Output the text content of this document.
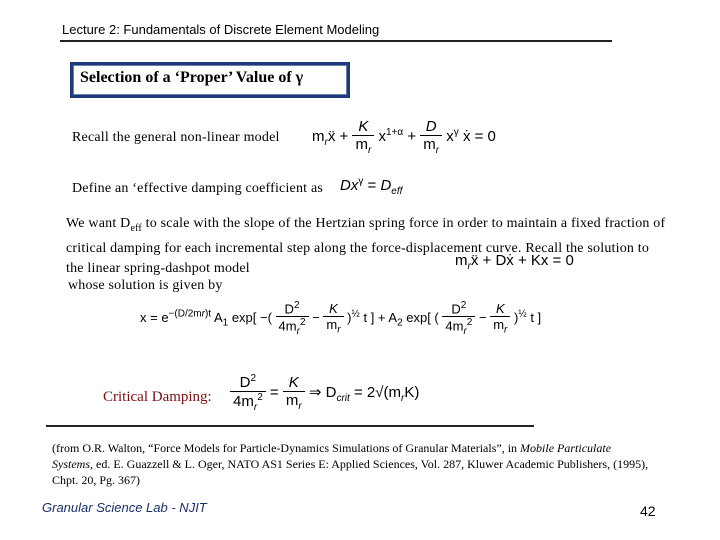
Lecture 2: Fundamentals of Discrete Element Modeling
Selection of a ‘Proper’ Value of γ
Recall the general non-linear model $m_rẍ + \frac{K}{m_r} x^{1+\alpha} + \frac{D}{m_r} x^\gamma$ ẋ = 0
Define an ‘effective damping coefficient as $Dx^\gamma = D_{eff}$
We want $D_{eff}$ to scale with the slope of the Hertzian spring force in order to maintain a fixed fraction of critical damping for each incremental step along the force-displacement curve. Recall the solution to the linear spring-dashpot model	$m_rẍ$ + Dẋ + Kx = 0
whose solution is given by
$x = e^{-(D/2mr)t}$ $A_1$ exp[ −( $\frac{D^2}{4m_r^2} - \frac{K}{m_r} )^{\frac{1}{2}}$ t ] + $A_2$ exp[ ( $\frac{D^2}{4m_r^2} - \frac{K}{m_r} )^{\frac{1}{2}}$ t ]
Critical Damping: $\frac{D^2}{4m_r^2} = \frac{K}{m_r}$ ⇒ $D_{crit} = 2√(m_rK)$
(from O.R. Walton, “Force Models for Particle-Dynamics Simulations of Granular Materials”, in Mobile Particulate Systems, ed. E. Guazzell & L. Oger, NATO AS1 Series E: Applied Sciences, Vol. 287, Kluwer Academic Publishers, (1995), Chpt. 20, Pg. 367)
Granular Science Lab - NJIT	42
